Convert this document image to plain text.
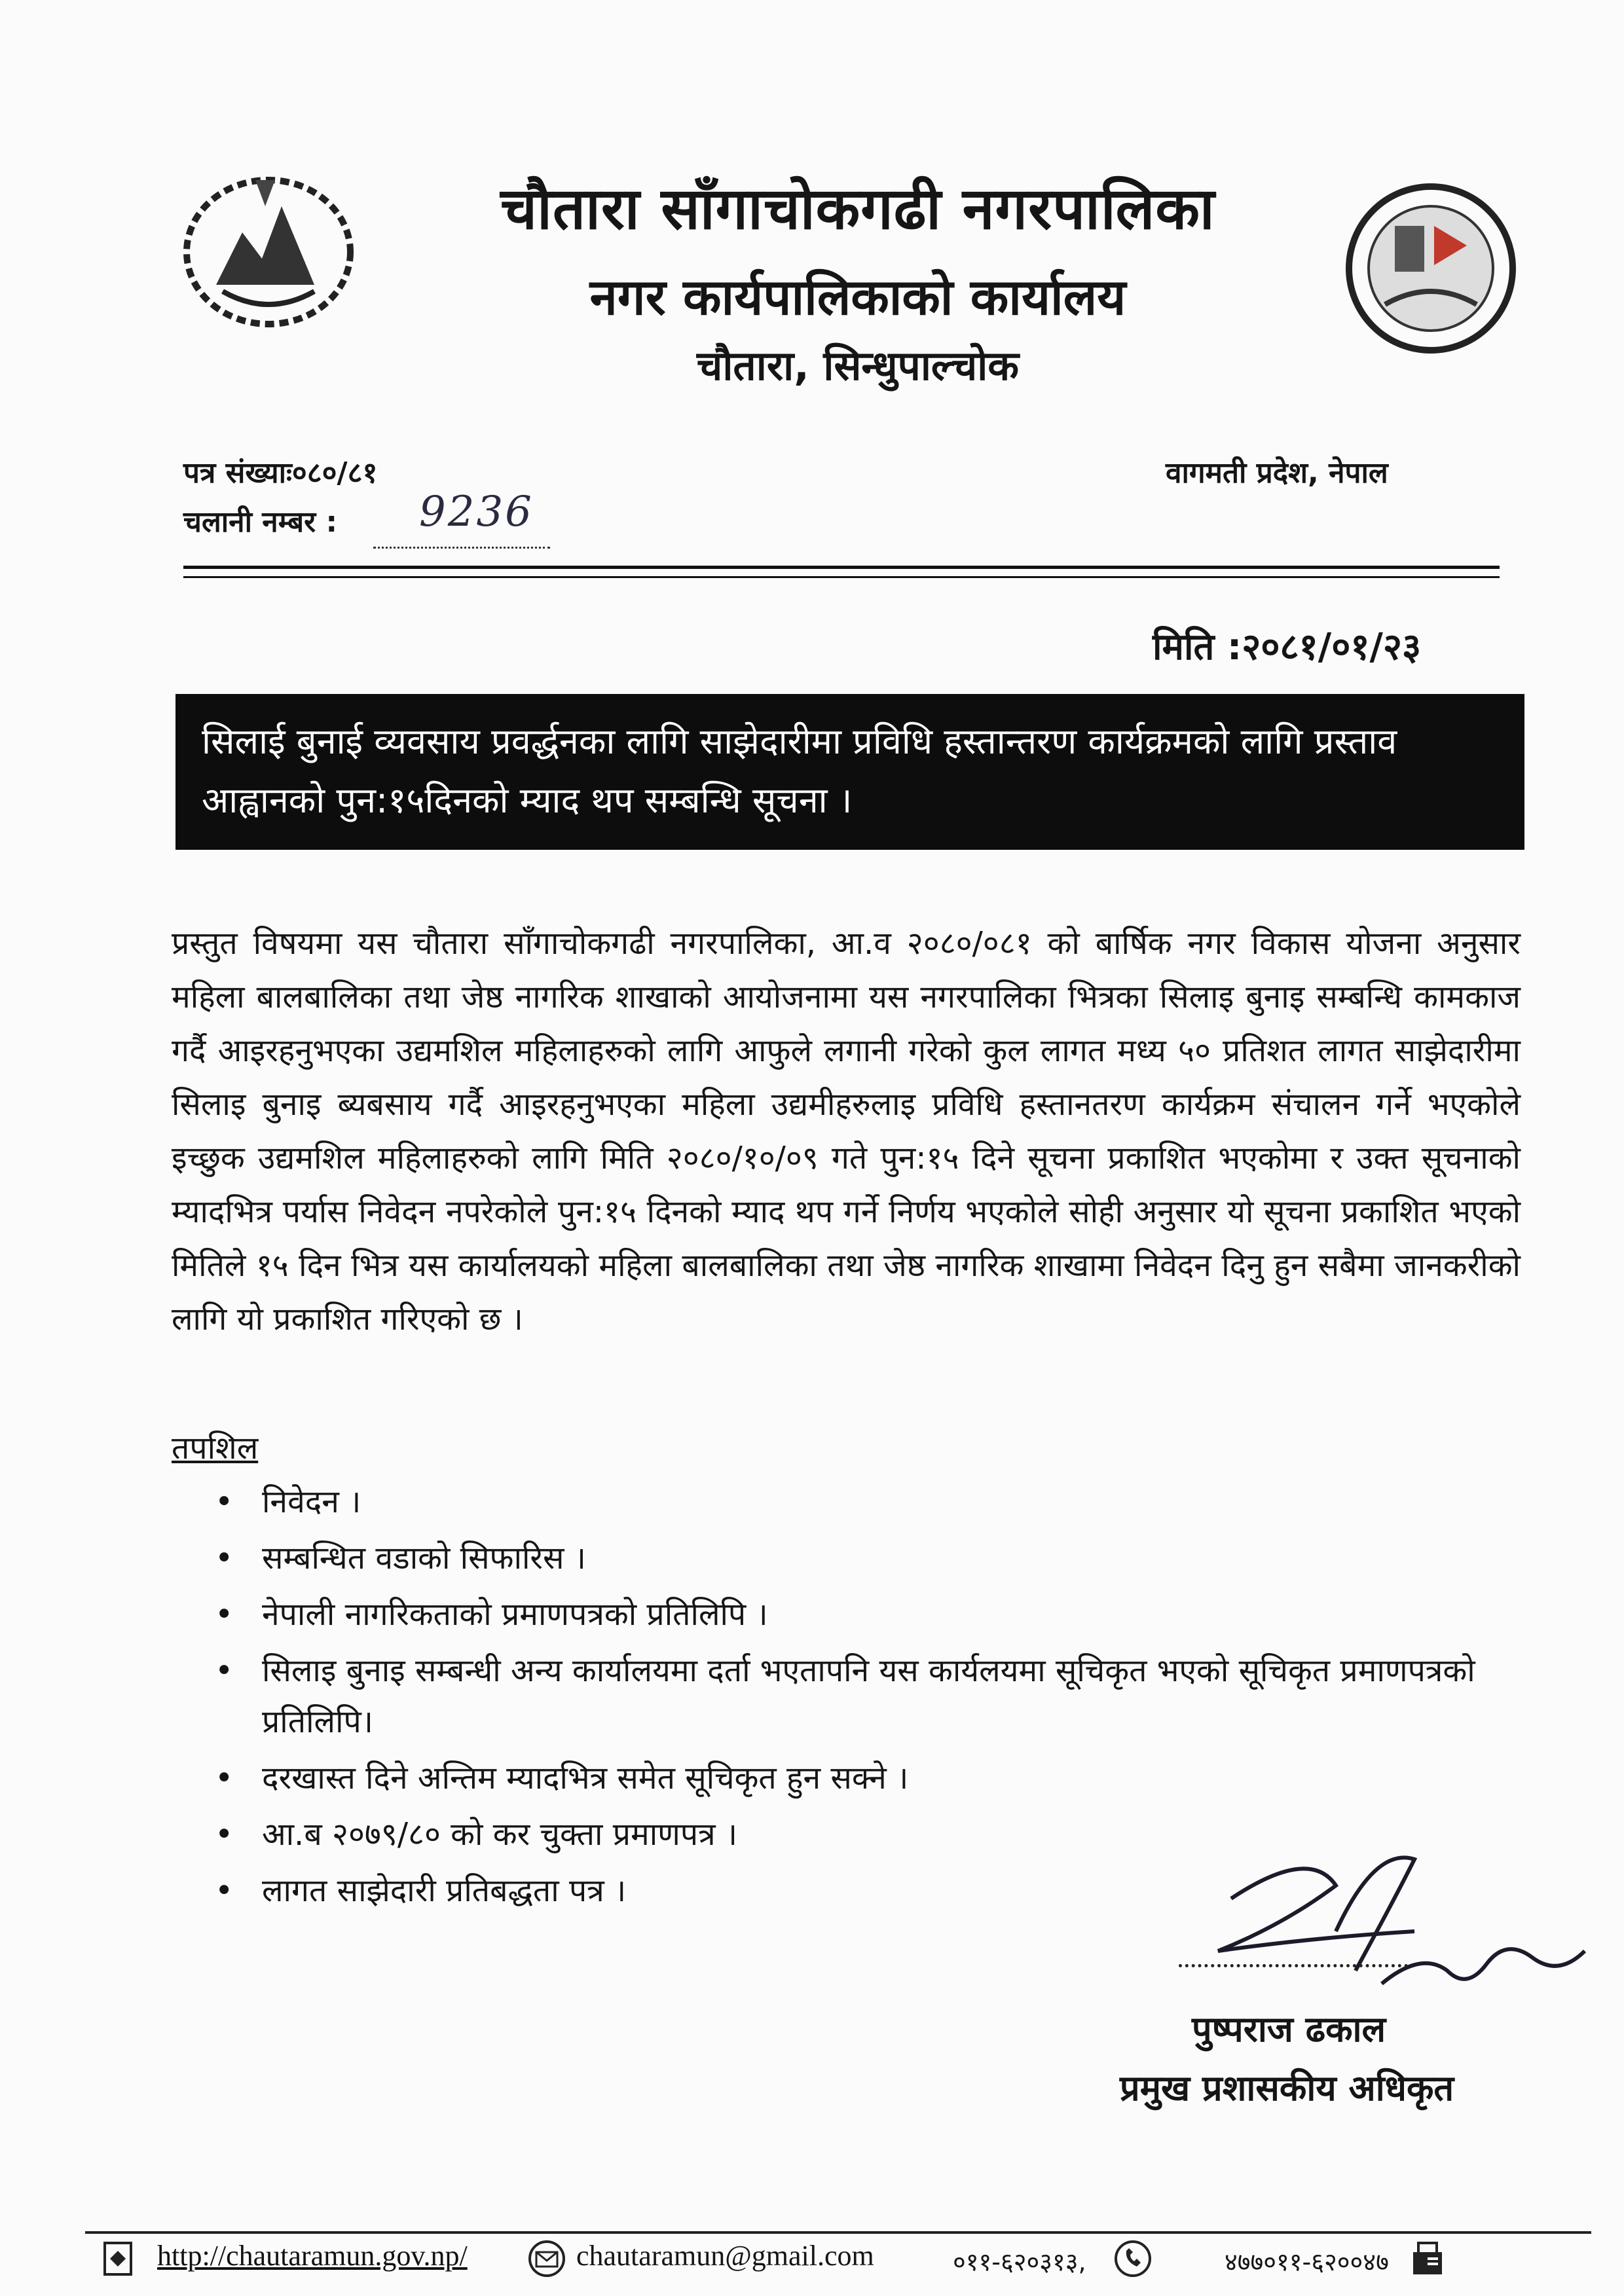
चौतारा साँगाचोकगढी नगरपालिका
नगर कार्यपालिकाको कार्यालय
चौतारा, सिन्धुपाल्चोक
पत्र संख्याः०८०/८१	वागमती प्रदेश, नेपाल
चलानी नम्बर : 9236
मिति :२०८१/०१/२३
सिलाई बुनाई व्यवसाय प्रवर्द्धनका लागि साझेदारीमा प्रविधि हस्तान्तरण कार्यक्रमको लागि प्रस्ताव आह्वानको पुन:१५दिनको म्याद थप सम्बन्धि सूचना ।
प्रस्तुत विषयमा यस चौतारा साँगाचोकगढी नगरपालिका, आ.व २०८०/०८१ को बार्षिक नगर विकास योजना अनुसार महिला बालबालिका तथा जेष्ठ नागरिक शाखाको आयोजनामा यस नगरपालिका भित्रका सिलाइ बुनाइ सम्बन्धि कामकाज गर्दै आइरहनुभएका उद्यमशिल महिलाहरुको लागि आफुले लगानी गरेको कुल लागत मध्य ५० प्रतिशत लागत साझेदारीमा सिलाइ बुनाइ ब्यबसाय गर्दै आइरहनुभएका महिला उद्यमीहरुलाइ प्रविधि हस्तानतरण कार्यक्रम संचालन गर्ने भएकोले इच्छुक उद्यमशिल महिलाहरुको लागि मिति २०८०/१०/०९ गते पुन:१५ दिने सूचना प्रकाशित भएकोमा र उक्त सूचनाको म्यादभित्र पर्यास निवेदन नपरेकोले पुन:१५ दिनको म्याद थप गर्ने निर्णय भएकोले सोही अनुसार यो सूचना प्रकाशित भएको मितिले १५ दिन भित्र यस कार्यालयको महिला बालबालिका तथा जेष्ठ नागरिक शाखामा निवेदन दिनु हुन सबैमा जानकरीको लागि यो प्रकाशित गरिएको छ ।
तपशिल
• निवेदन ।
• सम्बन्धित वडाको सिफारिस ।
• नेपाली नागरिकताको प्रमाणपत्रको प्रतिलिपि ।
• सिलाइ बुनाइ सम्बन्धी अन्य कार्यालयमा दर्ता भएतापनि यस कार्यलयमा सूचिकृत भएको सूचिकृत प्रमाणपत्रको प्रतिलिपि।
• दरखास्त दिने अन्तिम म्यादभित्र समेत सूचिकृत हुन सक्ने ।
• आ.ब २०७९/८० को कर चुक्ता प्रमाणपत्र ।
• लागत साझेदारी प्रतिबद्धता पत्र ।
पुष्पराज ढकाल
प्रमुख प्रशासकीय अधिकृत
http://chautaramun.gov.np/	chautaramun@gmail.com	०११-६२०३१३,	४७७०११-६२००४७
